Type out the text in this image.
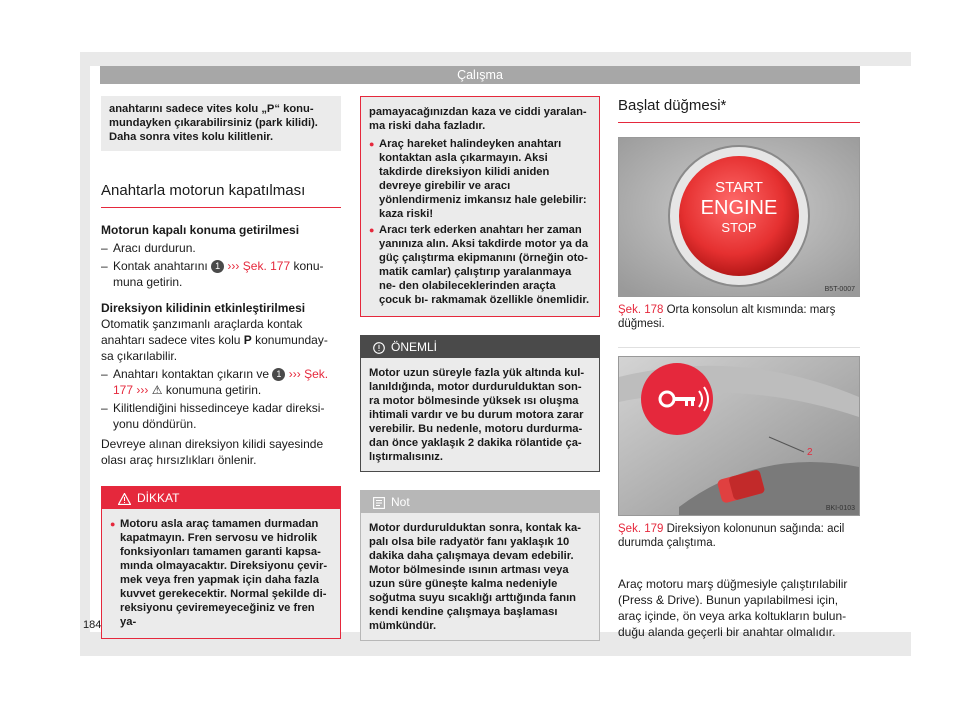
Çalışma
184
anahtarını sadece vites kolu „P“ konu- mundayken çıkarabilirsiniz (park kilidi). Daha sonra vites kolu kilitlenir.
Anahtarla motorun kapatılması
Motorun kapalı konuma getirilmesi
– Aracı durdurun.
– Kontak anahtarını 1 ››› Şek. 177 konu- muna getirin.
Direksiyon kilidinin etkinleştirilmesi

Otomatik şanzımanlı araçlarda kontak anahtarı sadece vites kolu P konumunday- sa çıkarılabilir.

– Anahtarı kontaktan çıkarın ve 1 ››› Şek. 177 ››› ⚠ konumuna getirin.
– Kilitlendiğini hissedinceye kadar direksi- yonu döndürün.

Devreye alınan direksiyon kilidi sayesinde olası araç hırsızlıkları önlenir.

DİKKAT
● Motoru asla araç tamamen durmadan kapatmayın. Fren servosu ve hidrolik fonksiyonları tamamen garanti kapsa- mında olmayacaktır. Direksiyonu çevir- mek veya fren yapmak için daha fazla kuvvet gerekecektir. Normal şekilde di- reksiyonu çeviremeyeceğiniz ve fren ya-
pamayacağınızdan kaza ve ciddi yaralan- ma riski daha fazladır.
● Araç hareket halindeyken anahtarı kontaktan asla çıkarmayın. Aksi takdirde direksiyon kilidi aniden devreye girebilir ve aracı yönlendirmeniz imkansız hale gelebilir: kaza riski!
● Aracı terk ederken anahtarı her zaman yanınıza alın. Aksi takdirde motor ya da güç çalıştırma ekipmanını (örneğin oto- matik camlar) çalıştırıp yaralanmaya ne- den olabileceklerinden araçta çocuk bı- rakmamak özellikle önemlidir.
ÖNEMLİ
Motor uzun süreyle fazla yük altında kul- lanıldığında, motor durdurulduktan son- ra motor bölmesinde yüksek ısı oluşma ihtimali vardır ve bu durum motora zarar verebilir. Bu nedenle, motoru durdurma- dan önce yaklaşık 2 dakika rölantide ça- lıştırmalısınız.
Not
Motor durdurulduktan sonra, kontak ka- palı olsa bile radyatör fanı yaklaşık 10 dakika daha çalışmaya devam edebilir. Motor bölmesinde ısının artması veya uzun süre güneşte kalma nedeniyle soğutma suyu sıcaklığı arttığında fanın kendi kendine çalışmaya başlaması mümkündür.
Başlat düğmesi*
START
ENGINE
STOP
B5T-0007
Şek. 178 Orta konsolun alt kısmında: marş düğmesi.
2
BKI-0103
Şek. 179 Direksiyon kolonunun sağında: acil durumda çalıştıma.

Araç motoru marş düğmesiyle çalıştırılabilir (Press & Drive). Bunun yapılabilmesi için, araç içinde, ön veya arka koltukların bulun- duğu alanda geçerli bir anahtar olmalıdır.
